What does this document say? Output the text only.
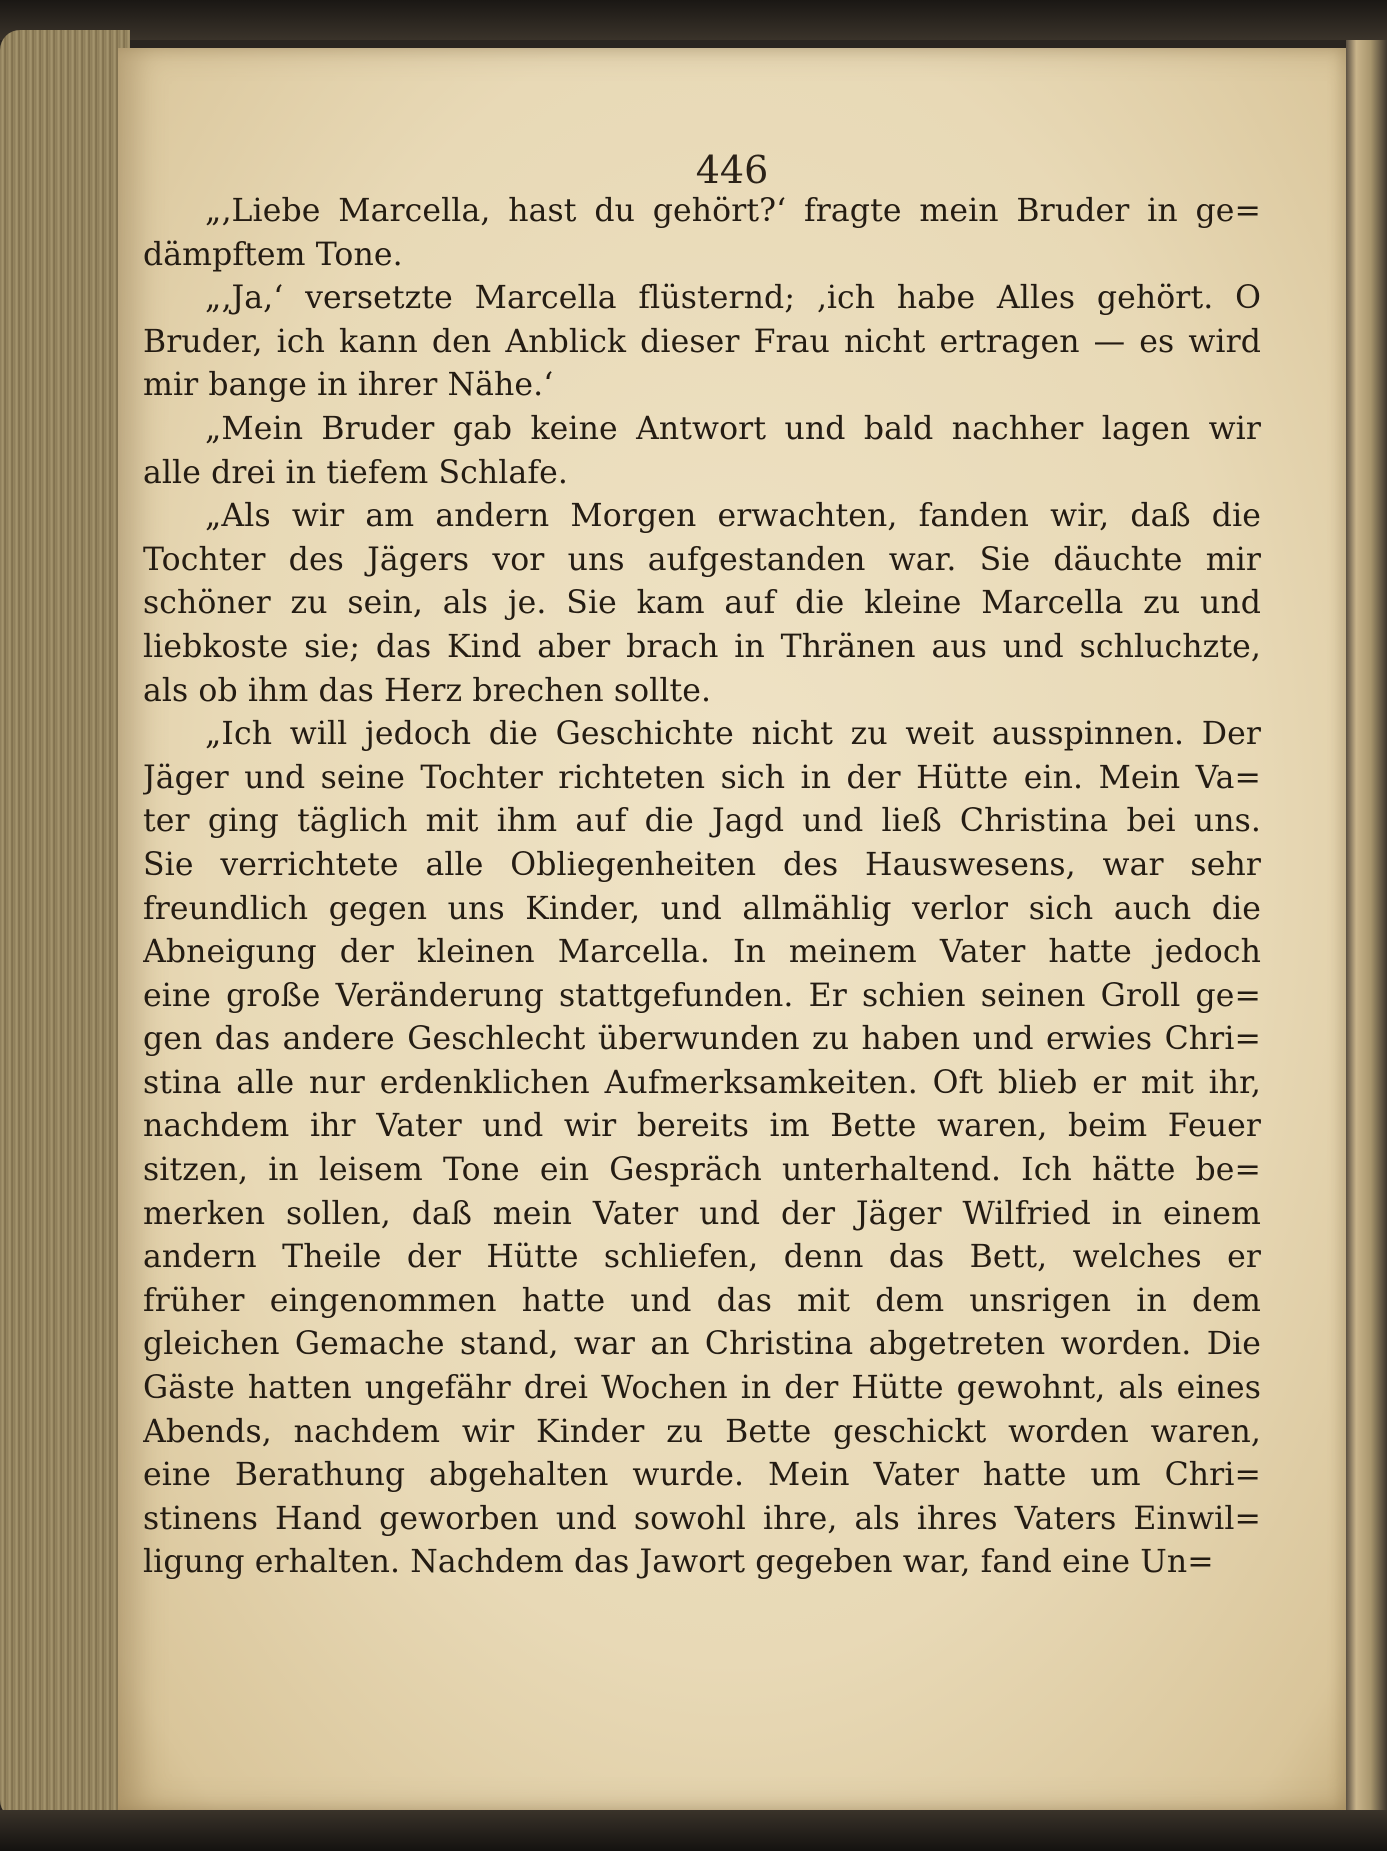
446
„‚Liebe Marcella, hast du gehört?‘ fragte mein Bruder in ge=
dämpftem Tone.
„‚Ja,‘ versetzte Marcella flüsternd; ‚ich habe Alles gehört. O
Bruder, ich kann den Anblick dieser Frau nicht ertragen — es wird
mir bange in ihrer Nähe.‘
„Mein Bruder gab keine Antwort und bald nachher lagen wir
alle drei in tiefem Schlafe.
„Als wir am andern Morgen erwachten, fanden wir, daß die
Tochter des Jägers vor uns aufgestanden war. Sie däuchte mir
schöner zu sein, als je. Sie kam auf die kleine Marcella zu und
liebkoste sie; das Kind aber brach in Thränen aus und schluchzte,
als ob ihm das Herz brechen sollte.
„Ich will jedoch die Geschichte nicht zu weit ausspinnen. Der
Jäger und seine Tochter richteten sich in der Hütte ein. Mein Va=
ter ging täglich mit ihm auf die Jagd und ließ Christina bei uns.
Sie verrichtete alle Obliegenheiten des Hauswesens, war sehr
freundlich gegen uns Kinder, und allmählig verlor sich auch die
Abneigung der kleinen Marcella. In meinem Vater hatte jedoch
eine große Veränderung stattgefunden. Er schien seinen Groll ge=
gen das andere Geschlecht überwunden zu haben und erwies Chri=
stina alle nur erdenklichen Aufmerksamkeiten. Oft blieb er mit ihr,
nachdem ihr Vater und wir bereits im Bette waren, beim Feuer
sitzen, in leisem Tone ein Gespräch unterhaltend. Ich hätte be=
merken sollen, daß mein Vater und der Jäger Wilfried in einem
andern Theile der Hütte schliefen, denn das Bett, welches er
früher eingenommen hatte und das mit dem unsrigen in dem
gleichen Gemache stand, war an Christina abgetreten worden. Die
Gäste hatten ungefähr drei Wochen in der Hütte gewohnt, als eines
Abends, nachdem wir Kinder zu Bette geschickt worden waren,
eine Berathung abgehalten wurde. Mein Vater hatte um Chri=
stinens Hand geworben und sowohl ihre, als ihres Vaters Einwil=
ligung erhalten. Nachdem das Jawort gegeben war, fand eine Un=
